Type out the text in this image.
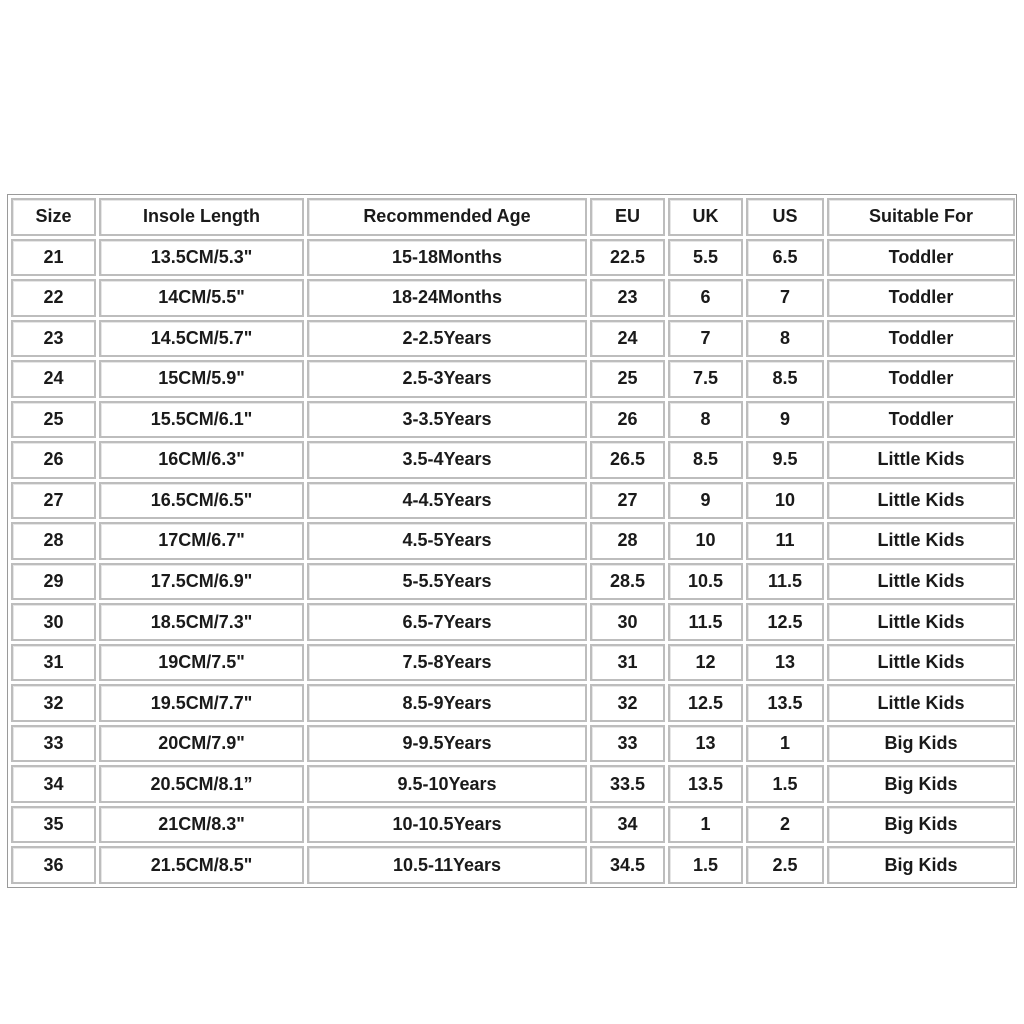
Size	Insole Length	Recommended Age	EU	UK	US	Suitable For
21	13.5CM/5.3"	15-18Months	22.5	5.5	6.5	Toddler
22	14CM/5.5"	18-24Months	23	6	7	Toddler
23	14.5CM/5.7"	2-2.5Years	24	7	8	Toddler
24	15CM/5.9"	2.5-3Years	25	7.5	8.5	Toddler
25	15.5CM/6.1"	3-3.5Years	26	8	9	Toddler
26	16CM/6.3"	3.5-4Years	26.5	8.5	9.5	Little Kids
27	16.5CM/6.5"	4-4.5Years	27	9	10	Little Kids
28	17CM/6.7"	4.5-5Years	28	10	11	Little Kids
29	17.5CM/6.9"	5-5.5Years	28.5	10.5	11.5	Little Kids
30	18.5CM/7.3"	6.5-7Years	30	11.5	12.5	Little Kids
31	19CM/7.5"	7.5-8Years	31	12	13	Little Kids
32	19.5CM/7.7"	8.5-9Years	32	12.5	13.5	Little Kids
33	20CM/7.9"	9-9.5Years	33	13	1	Big Kids
34	20.5CM/8.1”	9.5-10Years	33.5	13.5	1.5	Big Kids
35	21CM/8.3"	10-10.5Years	34	1	2	Big Kids
36	21.5CM/8.5"	10.5-11Years	34.5	1.5	2.5	Big Kids
